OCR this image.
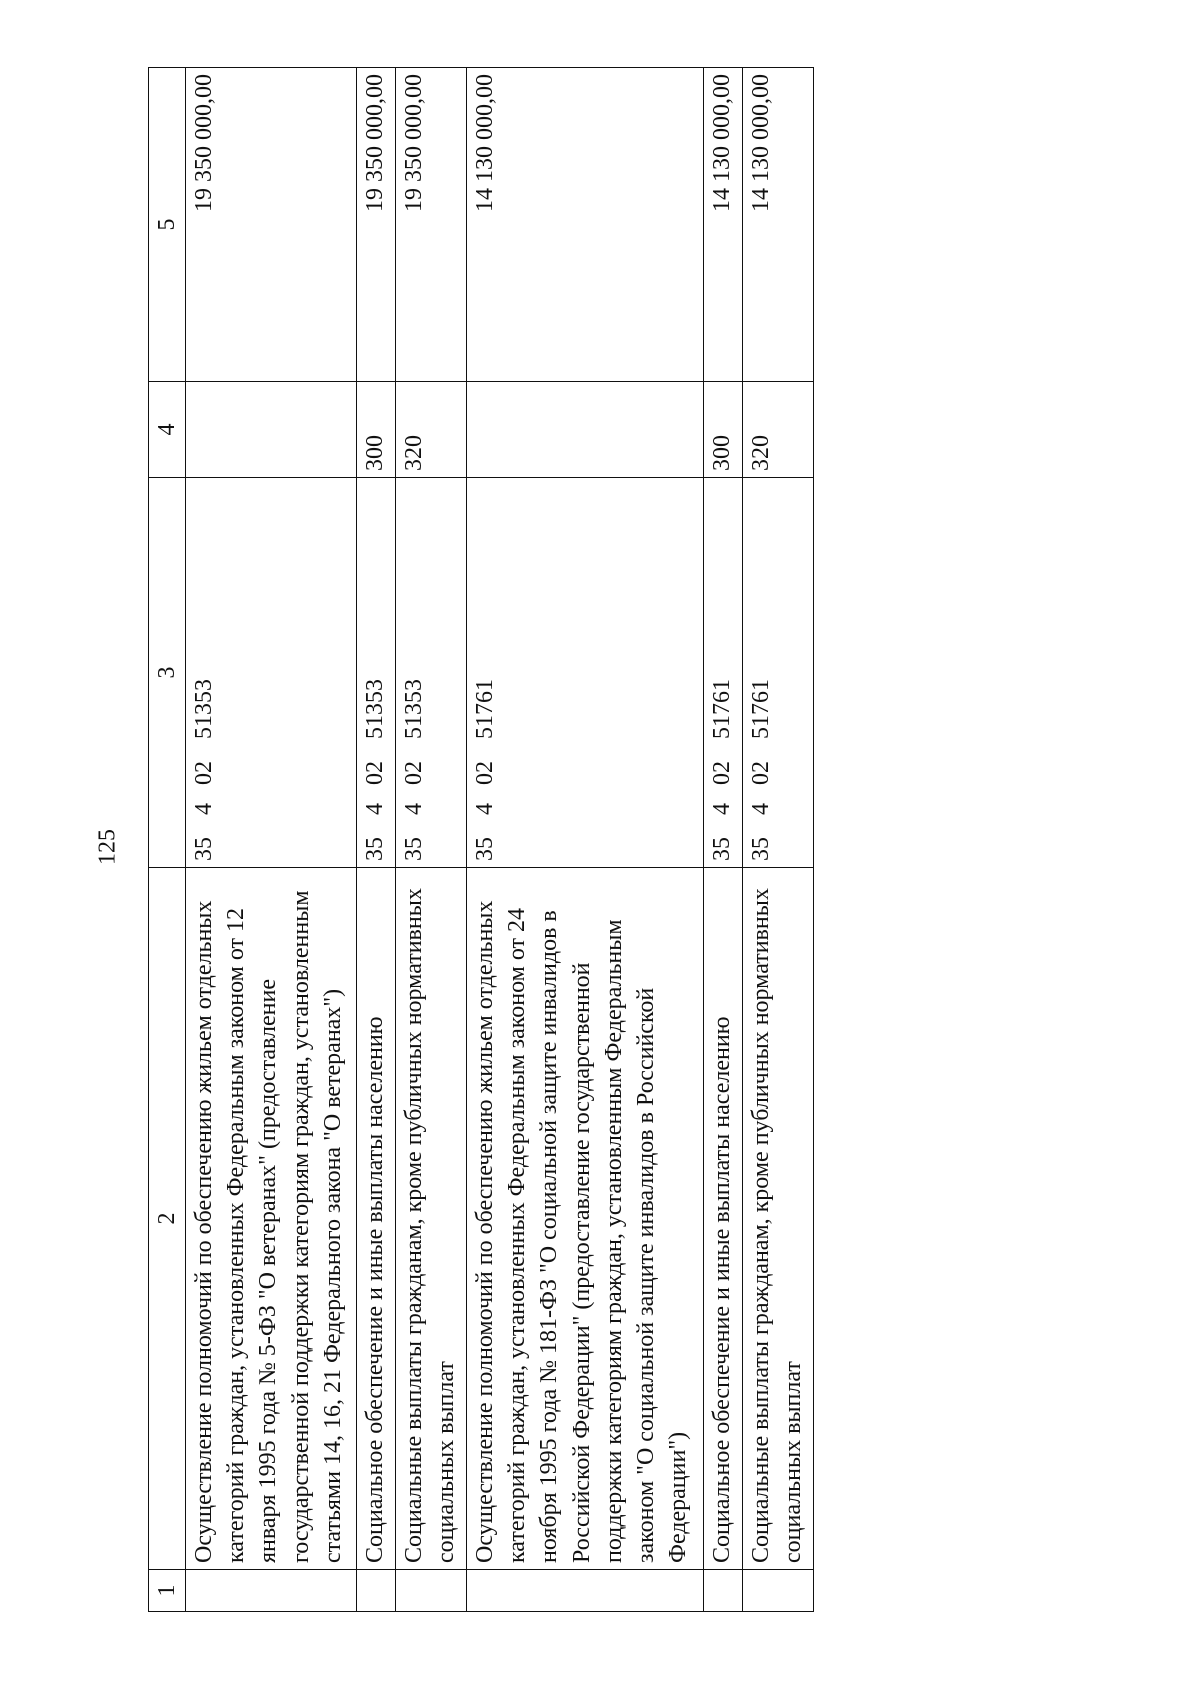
125
1	2	3	4	5
	Осуществление полномочий по обеспечению жильем отдельных категорий граждан, установленных Федеральным законом от 12 января 1995 года № 5-ФЗ "О ветеранах" (предоставление государственной поддержки категориям граждан, установленным статьями 14, 16, 21 Федерального закона "О ветеранах")	3540251353		19 350 000,00
	Социальное обеспечение и иные выплаты населению	3540251353	300	19 350 000,00
	Социальные выплаты гражданам, кроме публичных нормативных социальных выплат	3540251353	320	19 350 000,00
	Осуществление полномочий по обеспечению жильем отдельных категорий граждан, установленных Федеральным законом от 24 ноября 1995 года № 181-ФЗ "О социальной защите инвалидов в Российской Федерации" (предоставление государственной поддержки категориям граждан, установленным Федеральным законом "О социальной защите инвалидов в Российской Федерации")	3540251761		14 130 000,00
	Социальное обеспечение и иные выплаты населению	3540251761	300	14 130 000,00
	Социальные выплаты гражданам, кроме публичных нормативных социальных выплат	3540251761	320	14 130 000,00
